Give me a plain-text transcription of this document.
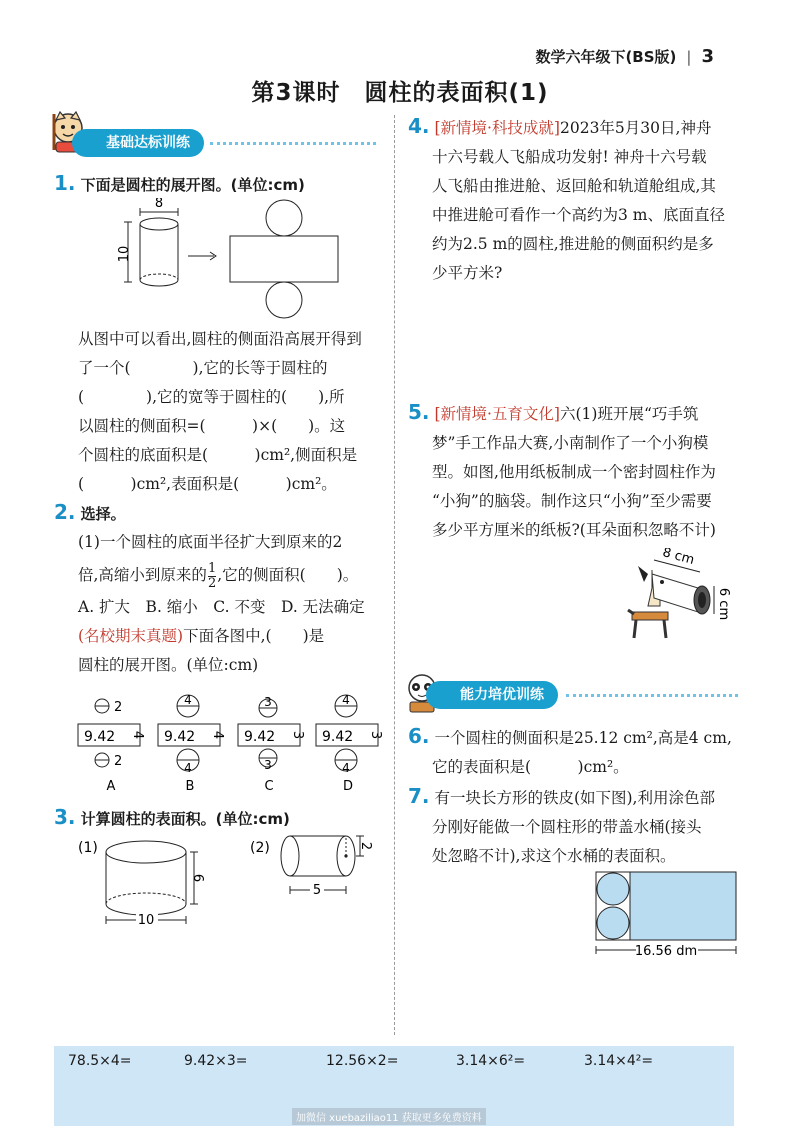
数学六年级下(BS版) | 3
第3课时 圆柱的表面积(1)
基础达标训练
1. 下面是圆柱的展开图。(单位:cm)
8
10
从图中可以看出,圆柱的侧面沿高展开得到
了一个(　　　　),它的长等于圆柱的
(　　　　),它的宽等于圆柱的(　　),所
以圆柱的侧面积=(　　　)×(　　)。这
个圆柱的底面积是(　　　)cm²,侧面积是
(　　　)cm²,表面积是(　　　)cm²。
2. 选择。
(1)一个圆柱的底面半径扩大到原来的2
倍,高缩小到原来的 $\frac{1}{2}$ ,它的侧面积(　　)。
A. 扩大　B. 缩小　C. 不变　D. 无法确定
(名校期末真题)下面各图中,(　　)是
圆柱的展开图。(单位:cm)
2
9.42 4
2
A
4
9.42 4
4
B
3
9.42 3
3
C
4
9.42 3
4
D
3. 计算圆柱的表面积。(单位:cm)
(1)
6
10
(2)	2
5
4. [新情境·科技成就]2023年5月30日,神舟
十六号载人飞船成功发射! 神舟十六号载
人飞船由推进舱、返回舱和轨道舱组成,其
中推进舱可看作一个高约为3 m、底面直径
约为2.5 m的圆柱,推进舱的侧面积约是多
少平方米?
5. [新情境·五育文化]六(1)班开展“巧手筑
梦”手工作品大赛,小南制作了一个小狗模
型。如图,他用纸板制成一个密封圆柱作为
“小狗”的脑袋。制作这只“小狗”至少需要
多少平方厘米的纸板?(耳朵面积忽略不计)
8 cm
6 cm
能力培优训练
6. 一个圆柱的侧面积是25.12 cm²,高是4 cm,
它的表面积是(　　　)cm²。
7. 有一块长方形的铁皮(如下图),利用涂色部
分刚好能做一个圆柱形的带盖水桶(接头
处忽略不计),求这个水桶的表面积。
16.56 dm
78.5×4=	9.42×3=	12.56×2=	3.14×6²=	3.14×4²=
加微信 xuebaziliao11 获取更多免费资料
